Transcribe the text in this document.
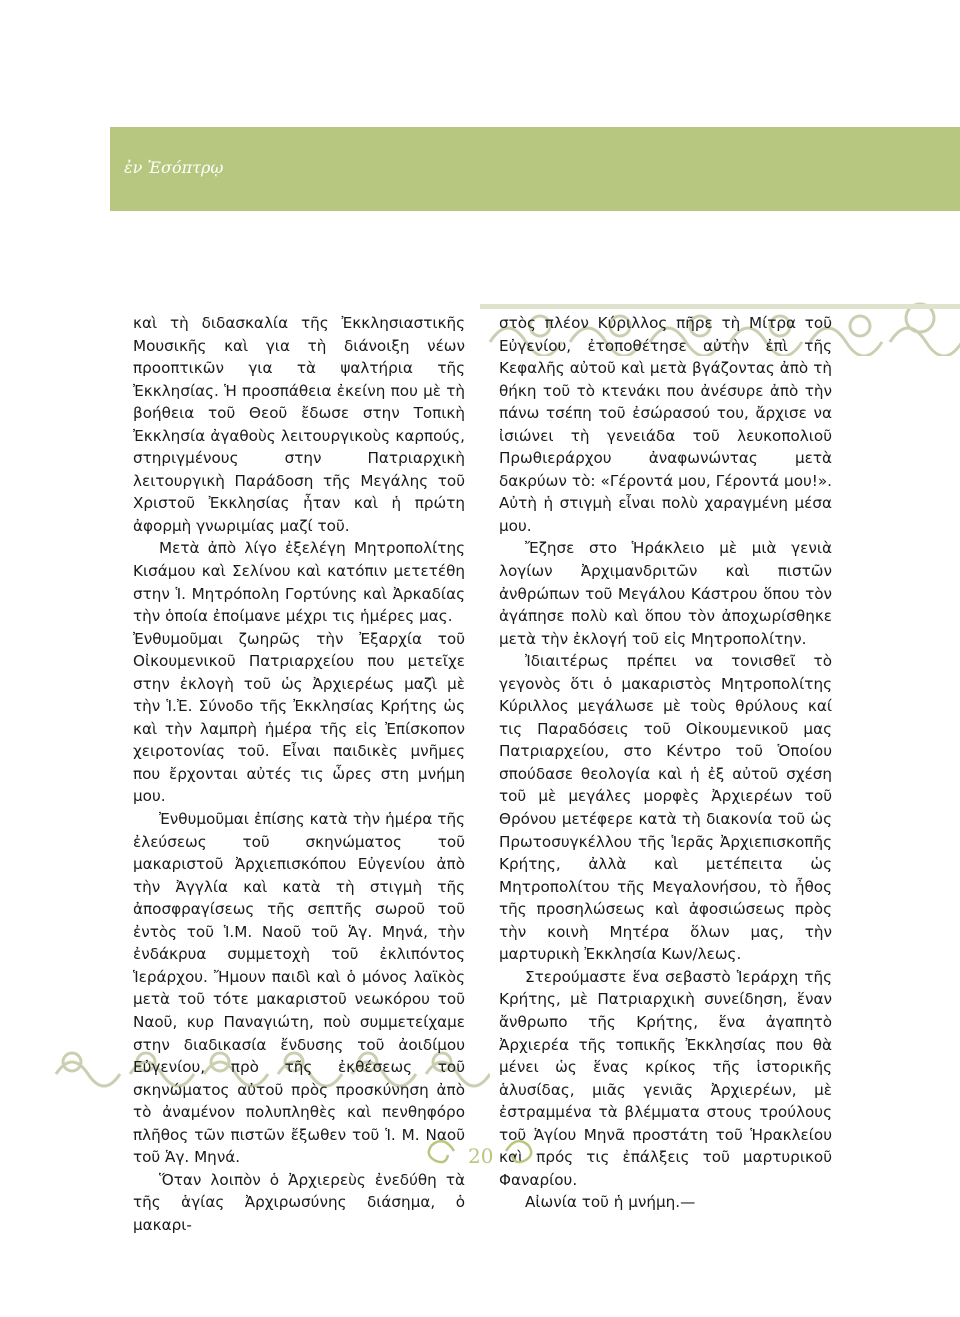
ἐν Ἐσόπτρῳ

καὶ τὴ διδασκαλία τῆς Ἐκκλησιαστικῆς Μουσικῆς καὶ για τὴ διάνοιξη νέων προοπτικῶν για τὰ ψαλτήρια τῆς Ἐκκλησίας. Ἡ προσπάθεια ἐκείνη που μὲ τὴ βοήθεια τοῦ Θεοῦ ἔδωσε στην Τοπικὴ Ἐκκλησία ἀγαθοὺς λειτουργικοὺς καρπούς, στηριγμένους στην Πατριαρχικὴ λειτουργικὴ Παράδοση τῆς Μεγάλης τοῦ Χριστοῦ Ἐκκλησίας ἦταν καὶ ἡ πρώτη ἀφορμὴ γνωριμίας μαζί τοῦ.

Μετὰ ἀπὸ λίγο ἐξελέγη Μητροπολίτης Κισάμου καὶ Σελίνου καὶ κατόπιν μετετέθη στην Ἱ. Μητρόπολη Γορτύνης καὶ Ἀρκαδίας τὴν ὁποία ἐποίμανε μέχρι τις ἡμέρες μας.

Ἐνθυμοῦμαι ζωηρῶς τὴν Ἐξαρχία τοῦ Οἰκουμενικοῦ Πατριαρχείου που μετεῖχε στην ἐκλογὴ τοῦ ὡς Ἀρχιερέως μαζὶ μὲ τὴν Ἱ.Ἐ. Σύνοδο τῆς Ἐκκλησίας Κρήτης ὡς καὶ τὴν λαμπρὴ ἡμέρα τῆς εἰς Ἐπίσκοπον χειροτονίας τοῦ. Εἶναι παιδικὲς μνῆμες που ἔρχονται αὐτές τις ὧρες στη μνήμη μου.

Ἐνθυμοῦμαι ἐπίσης κατὰ τὴν ἡμέρα τῆς ἐλεύσεως τοῦ σκηνώματος τοῦ μακαριστοῦ Ἀρχιεπισκόπου Εὐγενίου ἀπὸ τὴν Ἀγγλία καὶ κατὰ τὴ στιγμὴ τῆς ἀποσφραγίσεως τῆς σεπτῆς σωροῦ τοῦ ἐντὸς τοῦ Ἱ.Μ. Ναοῦ τοῦ Ἁγ. Μηνά, τὴν ἐνδάκρυα συμμετοχὴ τοῦ ἐκλιπόντος Ἱεράρχου. Ἤμουν παιδὶ καὶ ὁ μόνος λαϊκὸς μετὰ τοῦ τότε μακαριστοῦ νεωκόρου τοῦ Ναοῦ, κυρ Παναγιώτη, ποὺ συμμετείχαμε στην διαδικασία ἔνδυσης τοῦ ἀοιδίμου Εὐγενίου, πρὸ τῆς ἐκθέσεως τοῦ σκηνώματος αὐτοῦ πρὸς προσκύνηση ἀπὸ τὸ ἀναμένον πολυπληθὲς καὶ πενθηφόρο πλῆθος τῶν πιστῶν ἔξωθεν τοῦ Ἱ. Μ. Ναοῦ τοῦ Ἁγ. Μηνά.

Ὅταν λοιπὸν ὁ Ἀρχιερεὺς ἐνεδύθη τὰ τῆς ἁγίας Ἀρχιρωσύνης διάσημα, ὁ μακαρι-

στὸς πλέον Κύριλλος πῆρε τὴ Μίτρα τοῦ Εὐγενίου, ἐτοποθέτησε αὐτὴν ἐπὶ τῆς Κεφαλῆς αὐτοῦ καὶ μετὰ βγάζοντας ἀπὸ τὴ θήκη τοῦ τὸ κτενάκι που ἀνέσυρε ἀπὸ τὴν πάνω τσέπη τοῦ ἐσώρασού του, ἄρχισε να ἰσιώνει τὴ γενειάδα τοῦ λευκοπολιοῦ Πρωθιεράρχου ἀναφωνώντας μετὰ δακρύων τὸ: «Γέροντά μου, Γέροντά μου!». Αὐτὴ ἡ στιγμὴ εἶναι πολὺ χαραγμένη μέσα μου.

Ἔζησε στο Ἡράκλειο μὲ μιὰ γενιὰ λογίων Ἀρχιμανδριτῶν καὶ πιστῶν ἀνθρώπων τοῦ Μεγάλου Κάστρου ὅπου τὸν ἀγάπησε πολὺ καὶ ὅπου τὸν ἀποχωρίσθηκε μετὰ τὴν ἐκλογή τοῦ εἰς Μητροπολίτην.

Ἰδιαιτέρως πρέπει να τονισθεῖ τὸ γεγονὸς ὅτι ὁ μακαριστὸς Μητροπολίτης Κύριλλος μεγάλωσε μὲ τοὺς θρύλους καί τις Παραδόσεις τοῦ Οἰκουμενικοῦ μας Πατριαρχείου, στο Κέντρο τοῦ Ὁποίου σπούδασε θεολογία καὶ ἡ ἐξ αὐτοῦ σχέση τοῦ μὲ μεγάλες μορφὲς Ἀρχιερέων τοῦ Θρόνου μετέφερε κατὰ τὴ διακονία τοῦ ὡς Πρωτοσυγκέλλου τῆς Ἱερᾶς Ἀρχιεπισκοπῆς Κρήτης, ἀλλὰ καὶ μετέπειτα ὡς Μητροπολίτου τῆς Μεγαλονήσου, τὸ ἦθος τῆς προσηλώσεως καὶ ἀφοσιώσεως πρὸς τὴν κοινὴ Μητέρα ὅλων μας, τὴν μαρτυρικὴ Ἐκκλησία Κων/λεως.

Στερούμαστε ἕνα σεβαστὸ Ἱεράρχη τῆς Κρήτης, μὲ Πατριαρχικὴ συνείδηση, ἕναν ἄνθρωπο τῆς Κρήτης, ἕνα ἀγαπητὸ Ἀρχιερέα τῆς τοπικῆς Ἐκκλησίας που θὰ μένει ὡς ἕνας κρίκος τῆς ἱστορικῆς ἁλυσίδας, μιᾶς γενιᾶς Ἀρχιερέων, μὲ ἐστραμμένα τὰ βλέμματα στους τρούλους τοῦ Ἁγίου Μηνᾶ προστάτη τοῦ Ἡρακλείου καὶ πρός τις ἐπάλξεις τοῦ μαρτυρικοῦ Φαναρίου.

Αἰωνία τοῦ ἡ μνήμη.—

20
